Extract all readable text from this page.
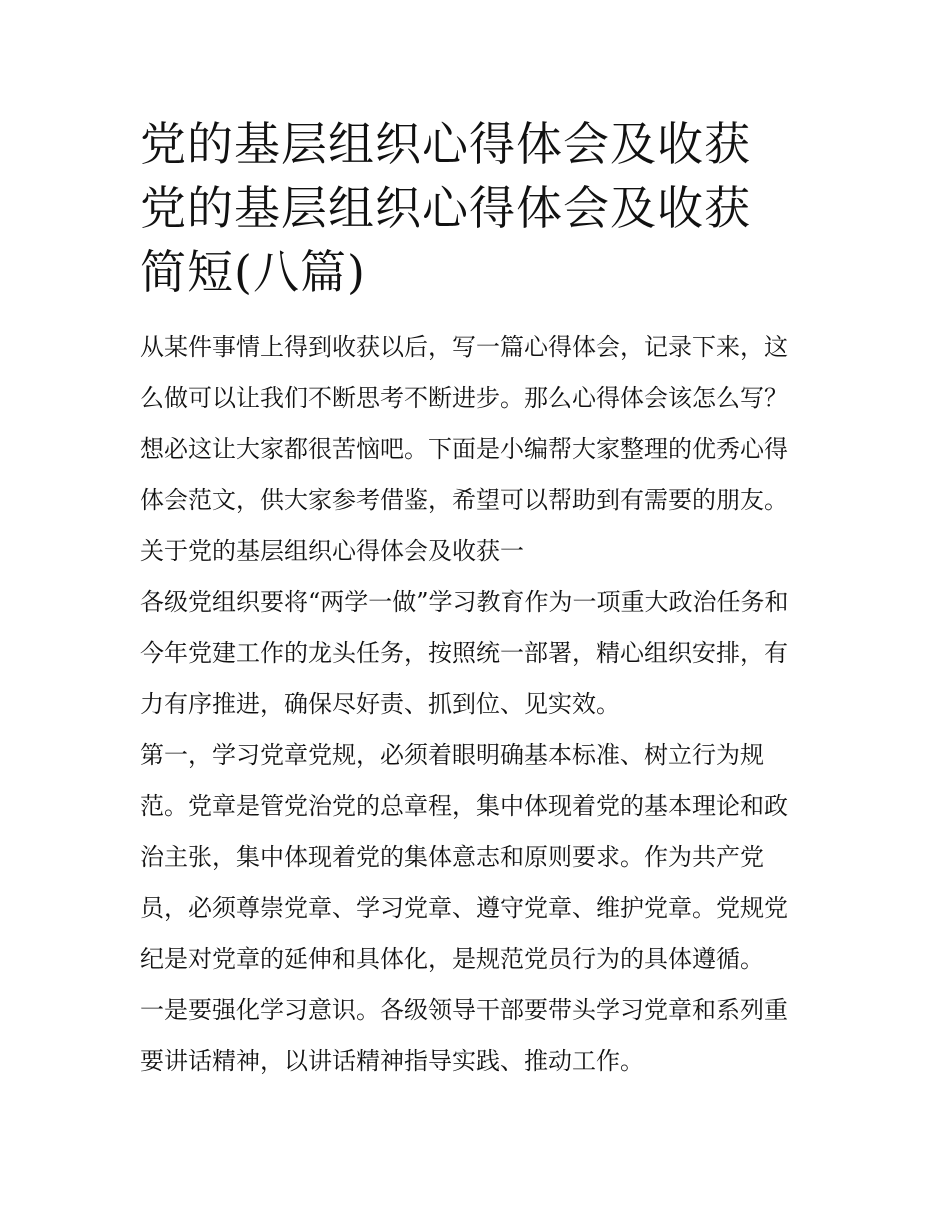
党的基层组织心得体会及收获
党的基层组织心得体会及收获
简短(八篇)

从某件事情上得到收获以后，写一篇心得体会，记录下来，这
么做可以让我们不断思考不断进步。那么心得体会该怎么写？
想必这让大家都很苦恼吧。下面是小编帮大家整理的优秀心得
体会范文，供大家参考借鉴，希望可以帮助到有需要的朋友。

关于党的基层组织心得体会及收获一

各级党组织要将“两学一做”学习教育作为一项重大政治任务和
今年党建工作的龙头任务，按照统一部署，精心组织安排，有
力有序推进，确保尽好责、抓到位、见实效。

第一，学习党章党规，必须着眼明确基本标准、树立行为规
范。党章是管党治党的总章程，集中体现着党的基本理论和政
治主张，集中体现着党的集体意志和原则要求。作为共产党
员，必须尊崇党章、学习党章、遵守党章、维护党章。党规党
纪是对党章的延伸和具体化，是规范党员行为的具体遵循。

一是要强化学习意识。各级领导干部要带头学习党章和系列重
要讲话精神，以讲话精神指导实践、推动工作。
